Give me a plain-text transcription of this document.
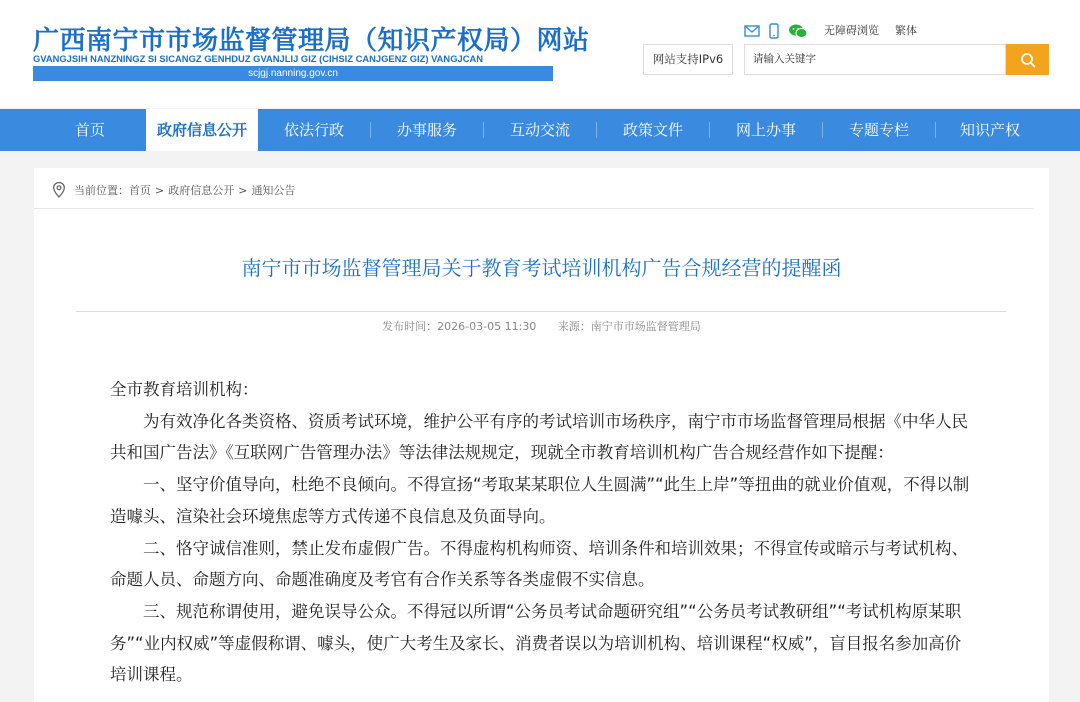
广西南宁市市场监督管理局（知识产权局）网站
GVANGJSIH NANZNINGZ SI SICANGZ GENHDUZ GVANJLIJ GIZ (CIHSIZ CANJGENZ GIZ) VANGJCAN
scjgj.nanning.gov.cn
无障碍浏览 繁体
网站支持IPv6	请输入关键字
首页	政府信息公开	依法行政	办事服务	互动交流	政策文件	网上办事	专题专栏	知识产权
当前位置： 首页 > 政府信息公开 > 通知公告
南宁市市场监督管理局关于教育考试培训机构广告合规经营的提醒函
发布时间：2026-03-05 11:30 来源：南宁市市场监督管理局

全市教育培训机构：

为有效净化各类资格、资质考试环境，维护公平有序的考试培训市场秩序，南宁市市场监督管理局根据《中华人民共和国广告法》《互联网广告管理办法》等法律法规规定，现就全市教育培训机构广告合规经营作如下提醒：

一、坚守价值导向，杜绝不良倾向。不得宣扬“考取某某职位人生圆满”“此生上岸”等扭曲的就业价值观，不得以制造噱头、渲染社会环境焦虑等方式传递不良信息及负面导向。

二、恪守诚信准则，禁止发布虚假广告。不得虚构机构师资、培训条件和培训效果；不得宣传或暗示与考试机构、命题人员、命题方向、命题准确度及考官有合作关系等各类虚假不实信息。

三、规范称谓使用，避免误导公众。不得冠以所谓“公务员考试命题研究组”“公务员考试教研组”“考试机构原某职务”“业内权威”等虚假称谓、噱头，使广大考生及家长、消费者误以为培训机构、培训课程“权威”，盲目报名参加高价培训课程。
